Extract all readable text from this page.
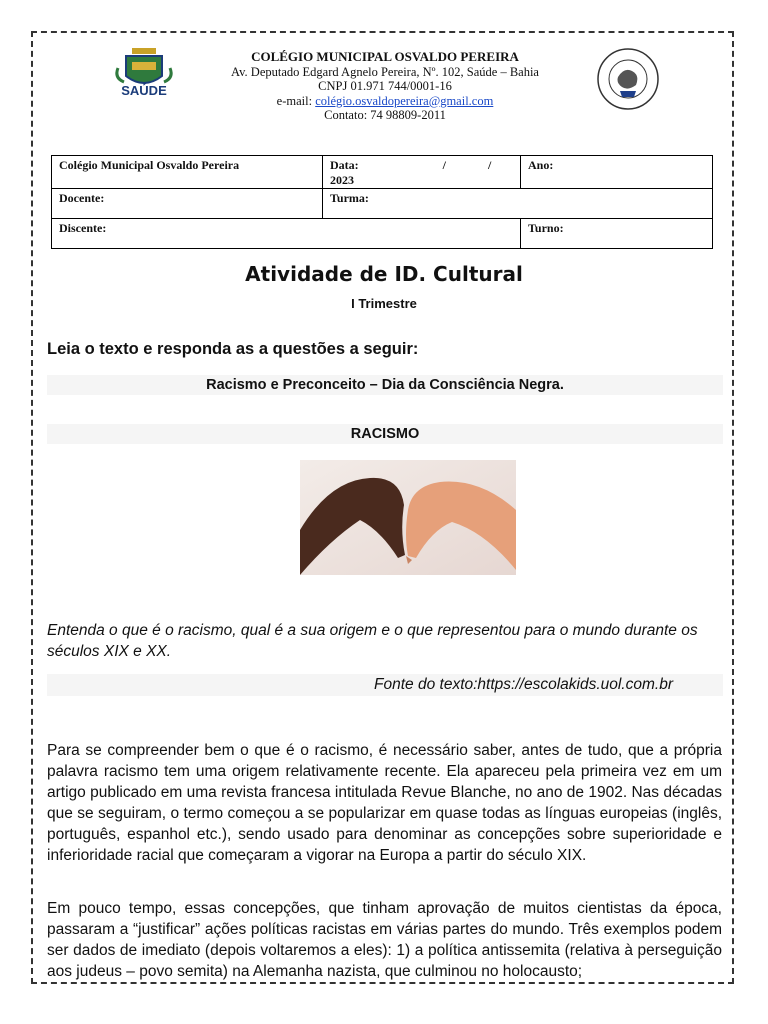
SAÚDE
COLÉGIO MUNICIPAL OSVALDO PEREIRA
Av. Deputado Edgard Agnelo Pereira, Nº. 102, Saúde – Bahia
CNPJ 01.971 744/0001-16
e-mail: colégio.osvaldopereira@gmail.com
Contato: 74 98809-2011
Colégio Municipal Osvaldo Pereira	Data: / / 2023	Ano:
Docente:	Turma:	
Discente:		Turno:
Atividade de ID. Cultural
I Trimestre
Leia o texto e responda as a questões a seguir:
Racismo e Preconceito – Dia da Consciência Negra.
RACISMO
Entenda o que é o racismo, qual é a sua origem e o que representou para o mundo durante os séculos XIX e XX.
Fonte do texto:https://escolakids.uol.com.br
Para se compreender bem o que é o racismo, é necessário saber, antes de tudo, que a própria palavra racismo tem uma origem relativamente recente. Ela apareceu pela primeira vez em um artigo publicado em uma revista francesa intitulada Revue Blanche, no ano de 1902. Nas décadas que se seguiram, o termo começou a se popularizar em quase todas as línguas europeias (inglês, português, espanhol etc.), sendo usado para denominar as concepções sobre superioridade e inferioridade racial que começaram a vigorar na Europa a partir do século XIX.
Em pouco tempo, essas concepções, que tinham aprovação de muitos cientistas da época, passaram a “justificar” ações políticas racistas em várias partes do mundo. Três exemplos podem ser dados de imediato (depois voltaremos a eles): 1) a política antissemita (relativa à perseguição aos judeus – povo semita) na Alemanha nazista, que culminou no holocausto;
